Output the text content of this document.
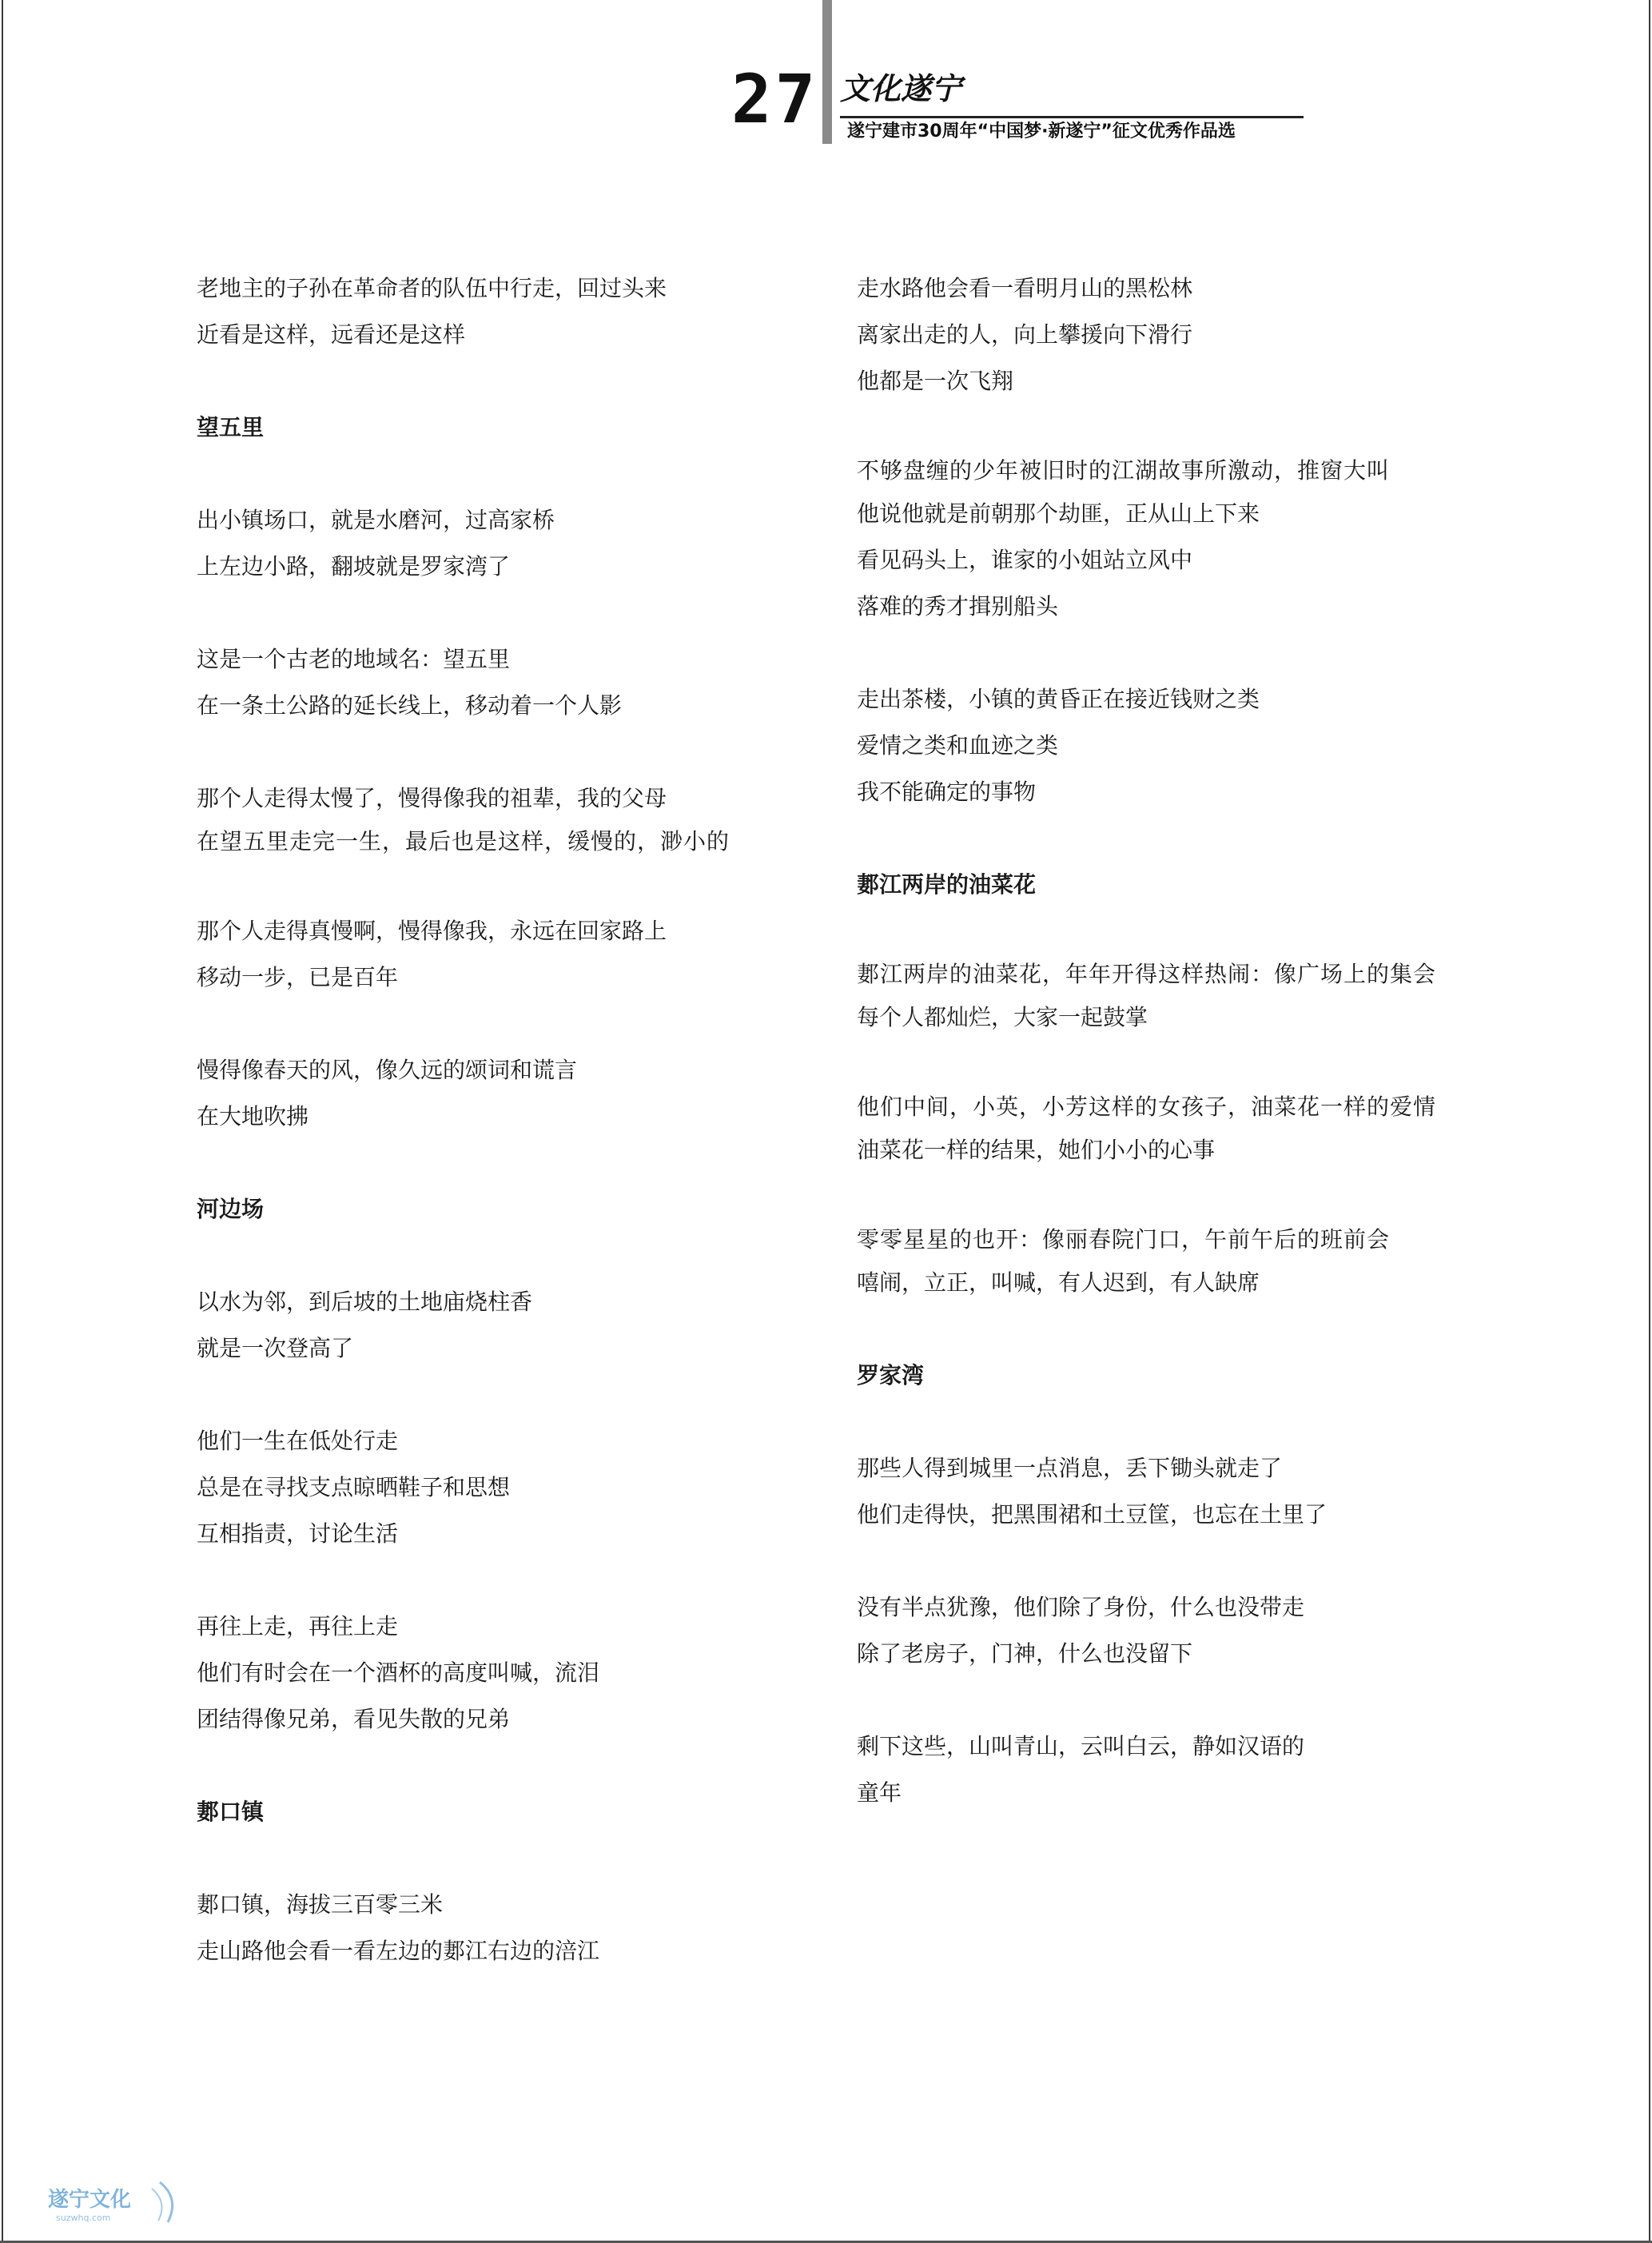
27 文化遂宁
遂宁建市30周年“中国梦·新遂宁”征文优秀作品选
老地主的子孙在革命者的队伍中行走，回过头来
近看是这样，远看还是这样
望五里
出小镇场口，就是水磨河，过高家桥
上左边小路，翻坡就是罗家湾了
这是一个古老的地域名：望五里
在一条土公路的延长线上，移动着一个人影
那个人走得太慢了，慢得像我的祖辈，我的父母
在望五里走完一生，最后也是这样，缓慢的，渺小的
那个人走得真慢啊，慢得像我，永远在回家路上
移动一步，已是百年
慢得像春天的风，像久远的颂词和谎言
在大地吹拂
河边场
以水为邻，到后坡的土地庙烧柱香
就是一次登高了
他们一生在低处行走
总是在寻找支点晾晒鞋子和思想
互相指责，讨论生活
再往上走，再往上走
他们有时会在一个酒杯的高度叫喊，流泪
团结得像兄弟，看见失散的兄弟
郪口镇
郪口镇，海拔三百零三米
走山路他会看一看左边的郪江右边的涪江
走水路他会看一看明月山的黑松林
离家出走的人，向上攀援向下滑行
他都是一次飞翔
不够盘缠的少年被旧时的江湖故事所激动，推窗大叫
他说他就是前朝那个劫匪，正从山上下来
看见码头上，谁家的小姐站立风中
落难的秀才揖别船头
走出茶楼，小镇的黄昏正在接近钱财之类
爱情之类和血迹之类
我不能确定的事物
郪江两岸的油菜花
郪江两岸的油菜花，年年开得这样热闹：像广场上的集会
每个人都灿烂，大家一起鼓掌
他们中间，小英，小芳这样的女孩子，油菜花一样的爱情
油菜花一样的结果，她们小小的心事
零零星星的也开：像丽春院门口，午前午后的班前会
嘻闹，立正，叫喊，有人迟到，有人缺席
罗家湾
那些人得到城里一点消息，丢下锄头就走了
他们走得快，把黑围裙和土豆筐，也忘在土里了
没有半点犹豫，他们除了身份，什么也没带走
除了老房子，门神，什么也没留下
剩下这些，山叫青山，云叫白云，静如汉语的
童年
遂宁文化
suzwhq.com
